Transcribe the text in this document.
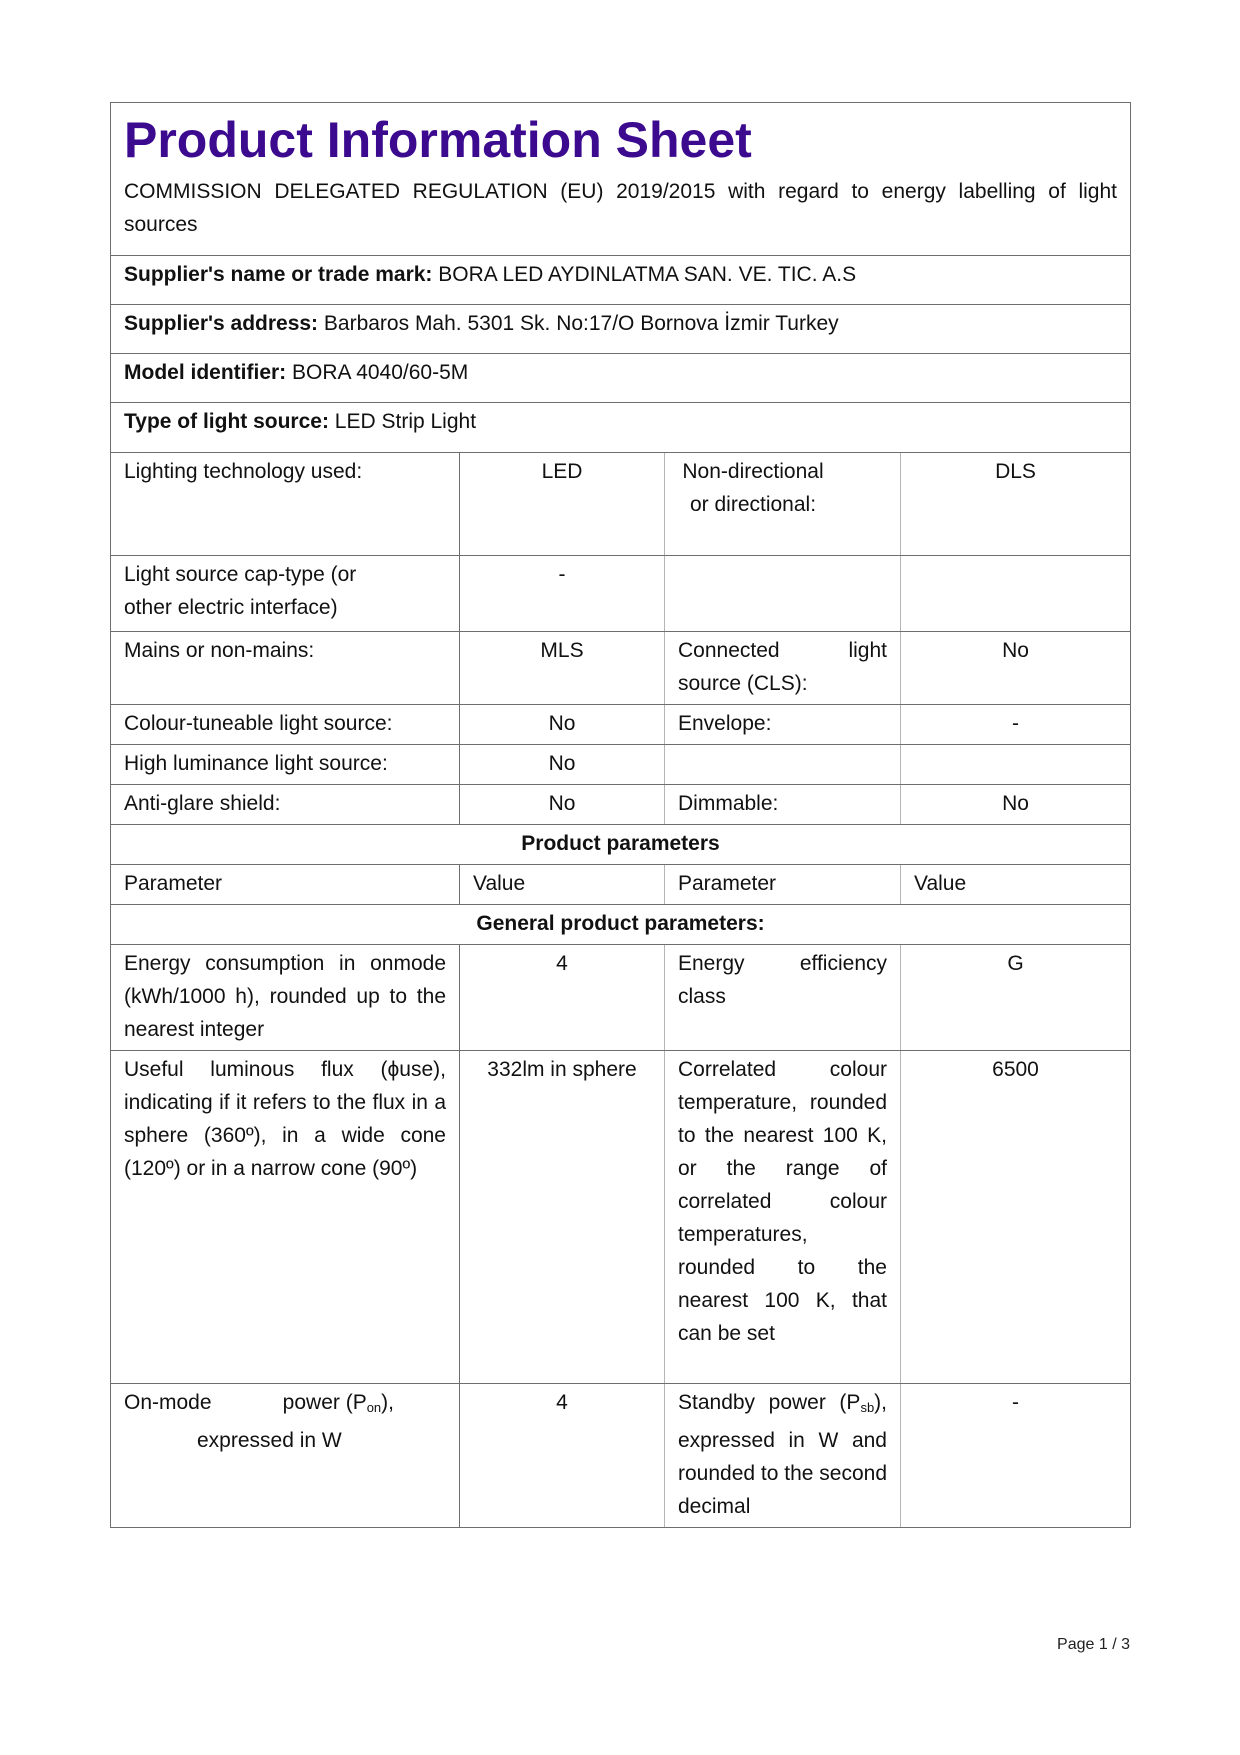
Product Information Sheet
COMMISSION DELEGATED REGULATION (EU) 2019/2015 with regard to energy labelling of light sources			

Supplier's name or trade mark: BORA LED AYDINLATMA SAN. VE. TIC. A.S			
Supplier's address: Barbaros Mah. 5301 Sk. No:17/O Bornova İzmir Turkey			
Model identifier: BORA 4040/60-5M			
Type of light source: LED Strip Light			
Lighting technology used:	LED	Non-directional or directional:	DLS

Light source cap-type (or other electric interface)	-		
Mains or non-mains:	MLS	Connected light source (CLS):	No
Colour-tuneable light source:	No	Envelope:	-
High luminance light source:	No		
Anti-glare shield:	No	Dimmable:	No
Product parameters			
Parameter	Value	Parameter	Value
General product parameters:			
Energy consumption in onmode (kWh/1000 h), rounded up to the nearest integer	4	Energy efficiency class	G
Useful luminous flux (ϕuse), indicating if it refers to the flux in a sphere (360º), in a wide cone (120º) or in a narrow cone (90º)	332lm in sphere	Correlated colour temperature, rounded to the nearest 100 K, or the range of correlated colour temperatures, rounded to the nearest 100 K, that can be set	6500

On-mode power $(P_{on})$,
expressed in W	4	Standby power $(P_{sb})$, expressed in W and rounded to the second decimal	-
Page 1 / 3
